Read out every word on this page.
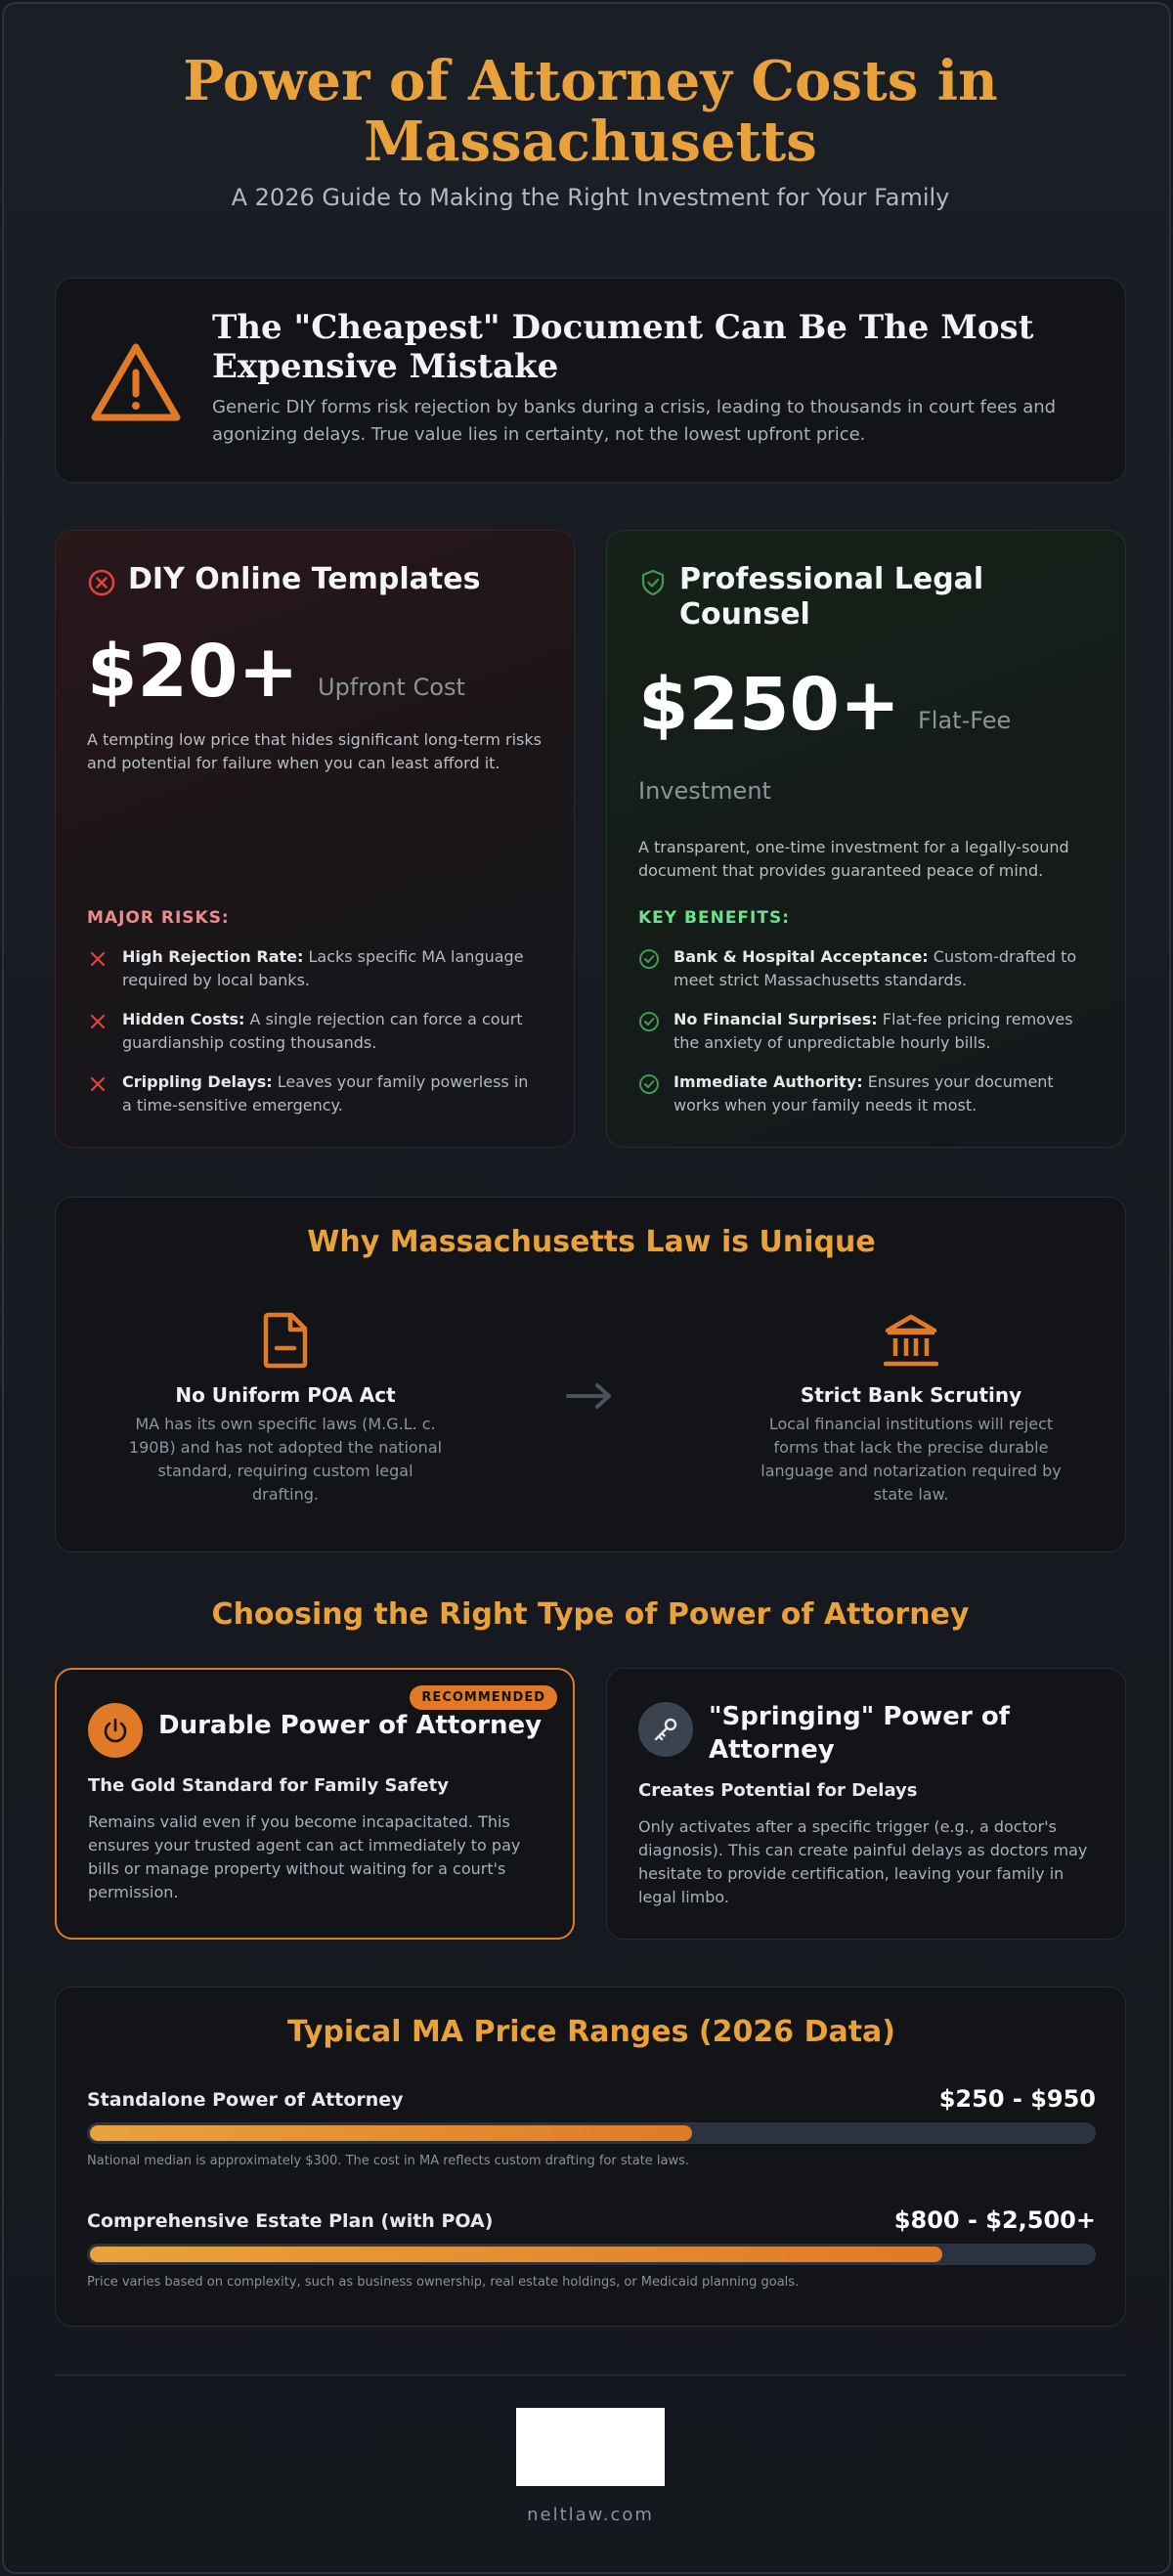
Power of Attorney Costs in Massachusetts
A 2026 Guide to Making the Right Investment for Your Family
The "Cheapest" Document Can Be The Most Expensive Mistake
Generic DIY forms risk rejection by banks during a crisis, leading to thousands in court fees and agonizing delays. True value lies in certainty, not the lowest upfront price.
DIY Online Templates
$20+ Upfront Cost
A tempting low price that hides significant long-term risks and potential for failure when you can least afford it.
MAJOR RISKS:
High Rejection Rate: Lacks specific MA language required by local banks.
Hidden Costs: A single rejection can force a court guardianship costing thousands.
Crippling Delays: Leaves your family powerless in a time-sensitive emergency.
Professional Legal Counsel
$250+ Flat-Fee
Investment
A transparent, one-time investment for a legally-sound document that provides guaranteed peace of mind.
KEY BENEFITS:
Bank & Hospital Acceptance: Custom-drafted to meet strict Massachusetts standards.
No Financial Surprises: Flat-fee pricing removes the anxiety of unpredictable hourly bills.
Immediate Authority: Ensures your document works when your family needs it most.
Why Massachusetts Law is Unique
No Uniform POA Act
MA has its own specific laws (M.G.L. c. 190B) and has not adopted the national standard, requiring custom legal drafting.
Strict Bank Scrutiny
Local financial institutions will reject forms that lack the precise durable language and notarization required by state law.
Choosing the Right Type of Power of Attorney
RECOMMENDED
Durable Power of Attorney
The Gold Standard for Family Safety
Remains valid even if you become incapacitated. This ensures your trusted agent can act immediately to pay bills or manage property without waiting for a court's permission.
"Springing" Power of Attorney
Creates Potential for Delays
Only activates after a specific trigger (e.g., a doctor's diagnosis). This can create painful delays as doctors may hesitate to provide certification, leaving your family in legal limbo.
Typical MA Price Ranges (2026 Data)
Standalone Power of Attorney	$250 - $950
National median is approximately $300. The cost in MA reflects custom drafting for state laws.
Comprehensive Estate Plan (with POA)	$800 - $2,500+
Price varies based on complexity, such as business ownership, real estate holdings, or Medicaid planning goals.
neltlaw.com
